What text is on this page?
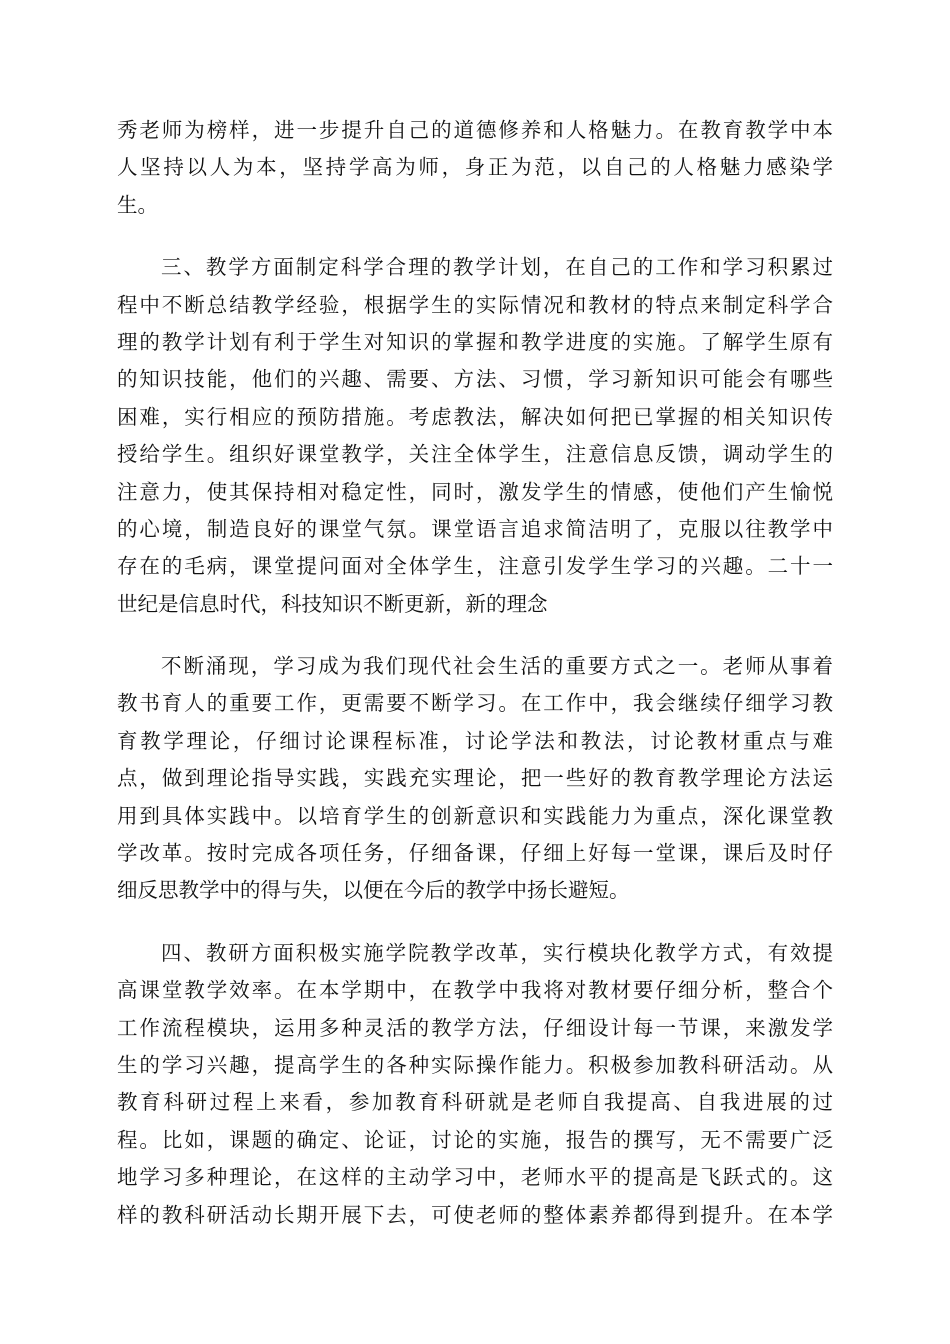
秀老师为榜样，进一步提升自己的道德修养和人格魅力。在教育教学中本
人坚持以人为本，坚持学高为师，身正为范，以自己的人格魅力感染学
生。
三、教学方面制定科学合理的教学计划，在自己的工作和学习积累过
程中不断总结教学经验，根据学生的实际情况和教材的特点来制定科学合
理的教学计划有利于学生对知识的掌握和教学进度的实施。了解学生原有
的知识技能，他们的兴趣、需要、方法、习惯，学习新知识可能会有哪些
困难，实行相应的预防措施。考虑教法，解决如何把已掌握的相关知识传
授给学生。组织好课堂教学，关注全体学生，注意信息反馈，调动学生的
注意力，使其保持相对稳定性，同时，激发学生的情感，使他们产生愉悦
的心境，制造良好的课堂气氛。课堂语言追求简洁明了，克服以往教学中
存在的毛病，课堂提问面对全体学生，注意引发学生学习的兴趣。二十一
世纪是信息时代，科技知识不断更新，新的理念
不断涌现，学习成为我们现代社会生活的重要方式之一。老师从事着
教书育人的重要工作，更需要不断学习。在工作中，我会继续仔细学习教
育教学理论，仔细讨论课程标准，讨论学法和教法，讨论教材重点与难
点，做到理论指导实践，实践充实理论，把一些好的教育教学理论方法运
用到具体实践中。以培育学生的创新意识和实践能力为重点，深化课堂教
学改革。按时完成各项任务，仔细备课，仔细上好每一堂课，课后及时仔
细反思教学中的得与失，以便在今后的教学中扬长避短。
四、教研方面积极实施学院教学改革，实行模块化教学方式，有效提
高课堂教学效率。在本学期中，在教学中我将对教材要仔细分析，整合个
工作流程模块，运用多种灵活的教学方法，仔细设计每一节课，来激发学
生的学习兴趣，提高学生的各种实际操作能力。积极参加教科研活动。从
教育科研过程上来看，参加教育科研就是老师自我提高、自我进展的过
程。比如，课题的确定、论证，讨论的实施，报告的撰写，无不需要广泛
地学习多种理论，在这样的主动学习中，老师水平的提高是飞跃式的。这
样的教科研活动长期开展下去，可使老师的整体素养都得到提升。在本学
